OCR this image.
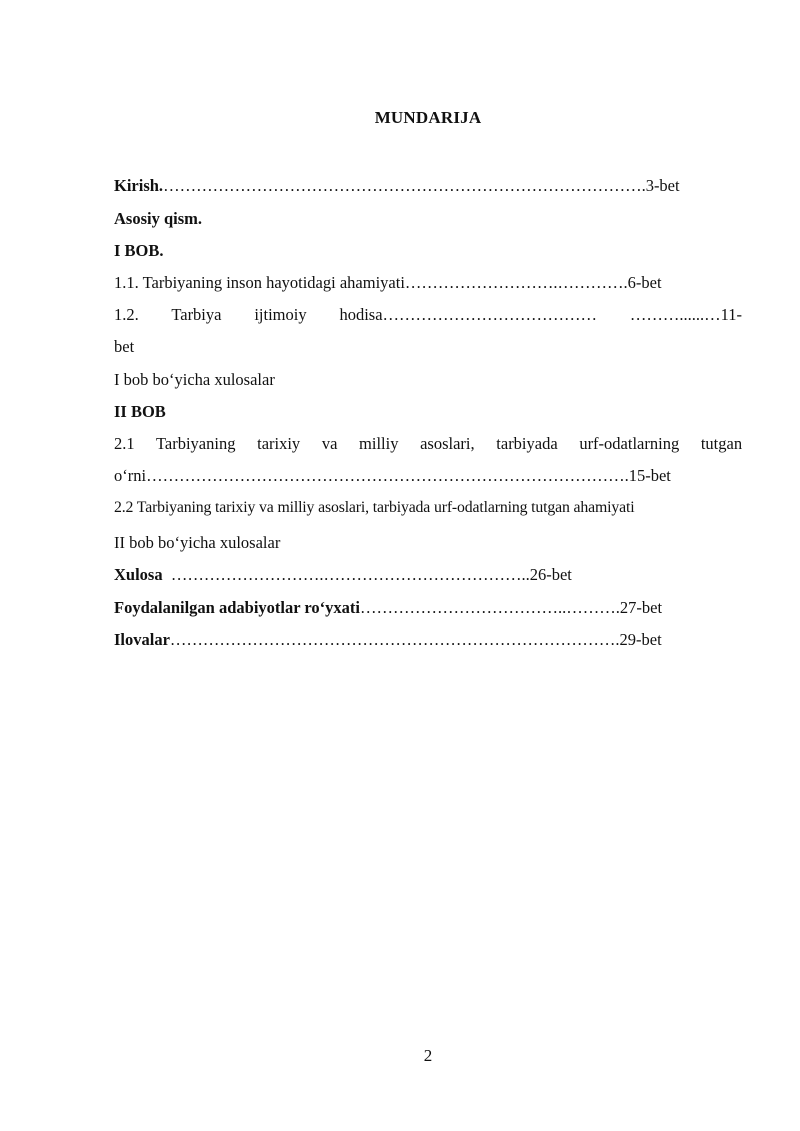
MUNDARIJA
Kirish.…………………………………………………………………………….3-bet
Asosiy qism.
I BOB.
1.1. Tarbiyaning inson hayotidagi ahamiyati……………………….………….6-bet
1.2. Tarbiya ijtimoiy hodisa………………………………… ………......…11-
bet
I bob bo‘yicha xulosalar
II BOB
2.1 Tarbiyaning tarixiy va milliy asoslari, tarbiyada urf-odatlarning tutgan
o‘rni…………………………………………………………………………….15-bet
2.2 Tarbiyaning tarixiy va milliy asoslari, tarbiyada urf-odatlarning tutgan ahamiyati
II bob bo‘yicha xulosalar
Xulosa ……………………….………………………………..26-bet
Foydalanilgan adabiyotlar ro‘yxati………………………………..……….27-bet
Ilovalar……………………………………………………………………….29-bet
2
